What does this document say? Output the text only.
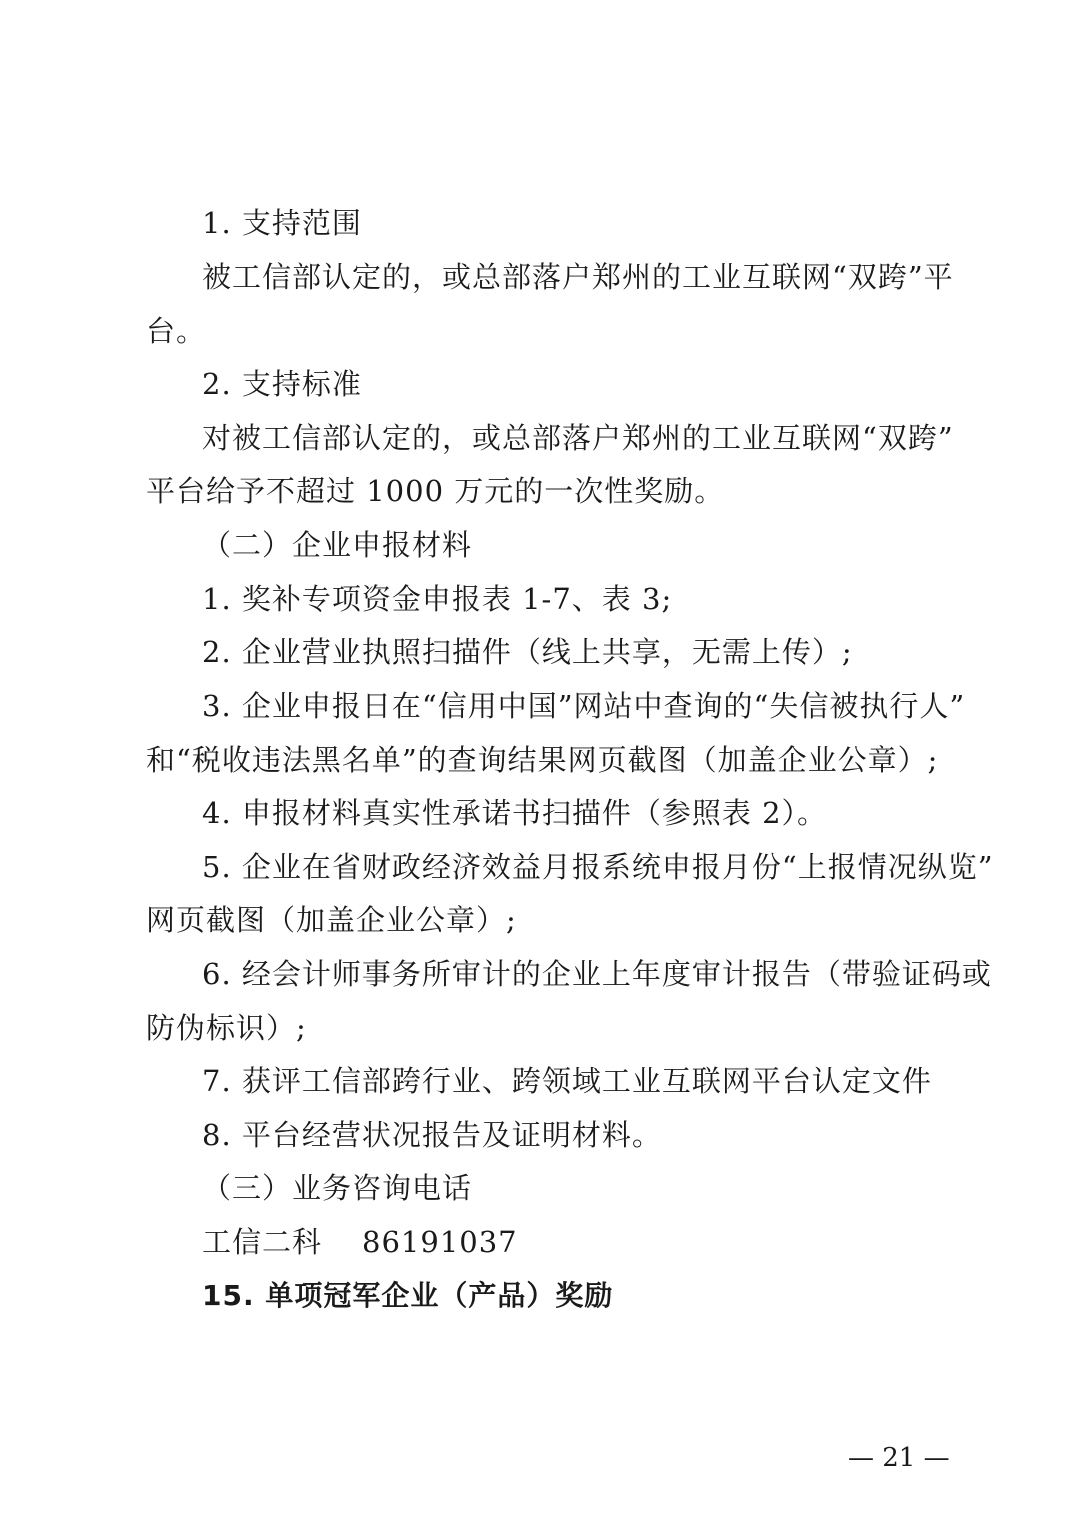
1. 支持范围
被工信部认定的，或总部落户郑州的工业互联网“双跨”平
台。
2. 支持标准
对被工信部认定的，或总部落户郑州的工业互联网“双跨”
平台给予不超过 1000 万元的一次性奖励。
（二）企业申报材料
1. 奖补专项资金申报表 1-7、表 3;
2. 企业营业执照扫描件（线上共享，无需上传）;
3. 企业申报日在“信用中国”网站中查询的“失信被执行人”
和“税收违法黑名单”的查询结果网页截图（加盖企业公章）;
4. 申报材料真实性承诺书扫描件（参照表 2）。
5. 企业在省财政经济效益月报系统申报月份“上报情况纵览”
网页截图（加盖企业公章）;
6. 经会计师事务所审计的企业上年度审计报告（带验证码或
防伪标识）;
7. 获评工信部跨行业、跨领域工业互联网平台认定文件
8. 平台经营状况报告及证明材料。
（三）业务咨询电话
工信二科 86191037
15. 单项冠军企业（产品）奖励
— 21 —
